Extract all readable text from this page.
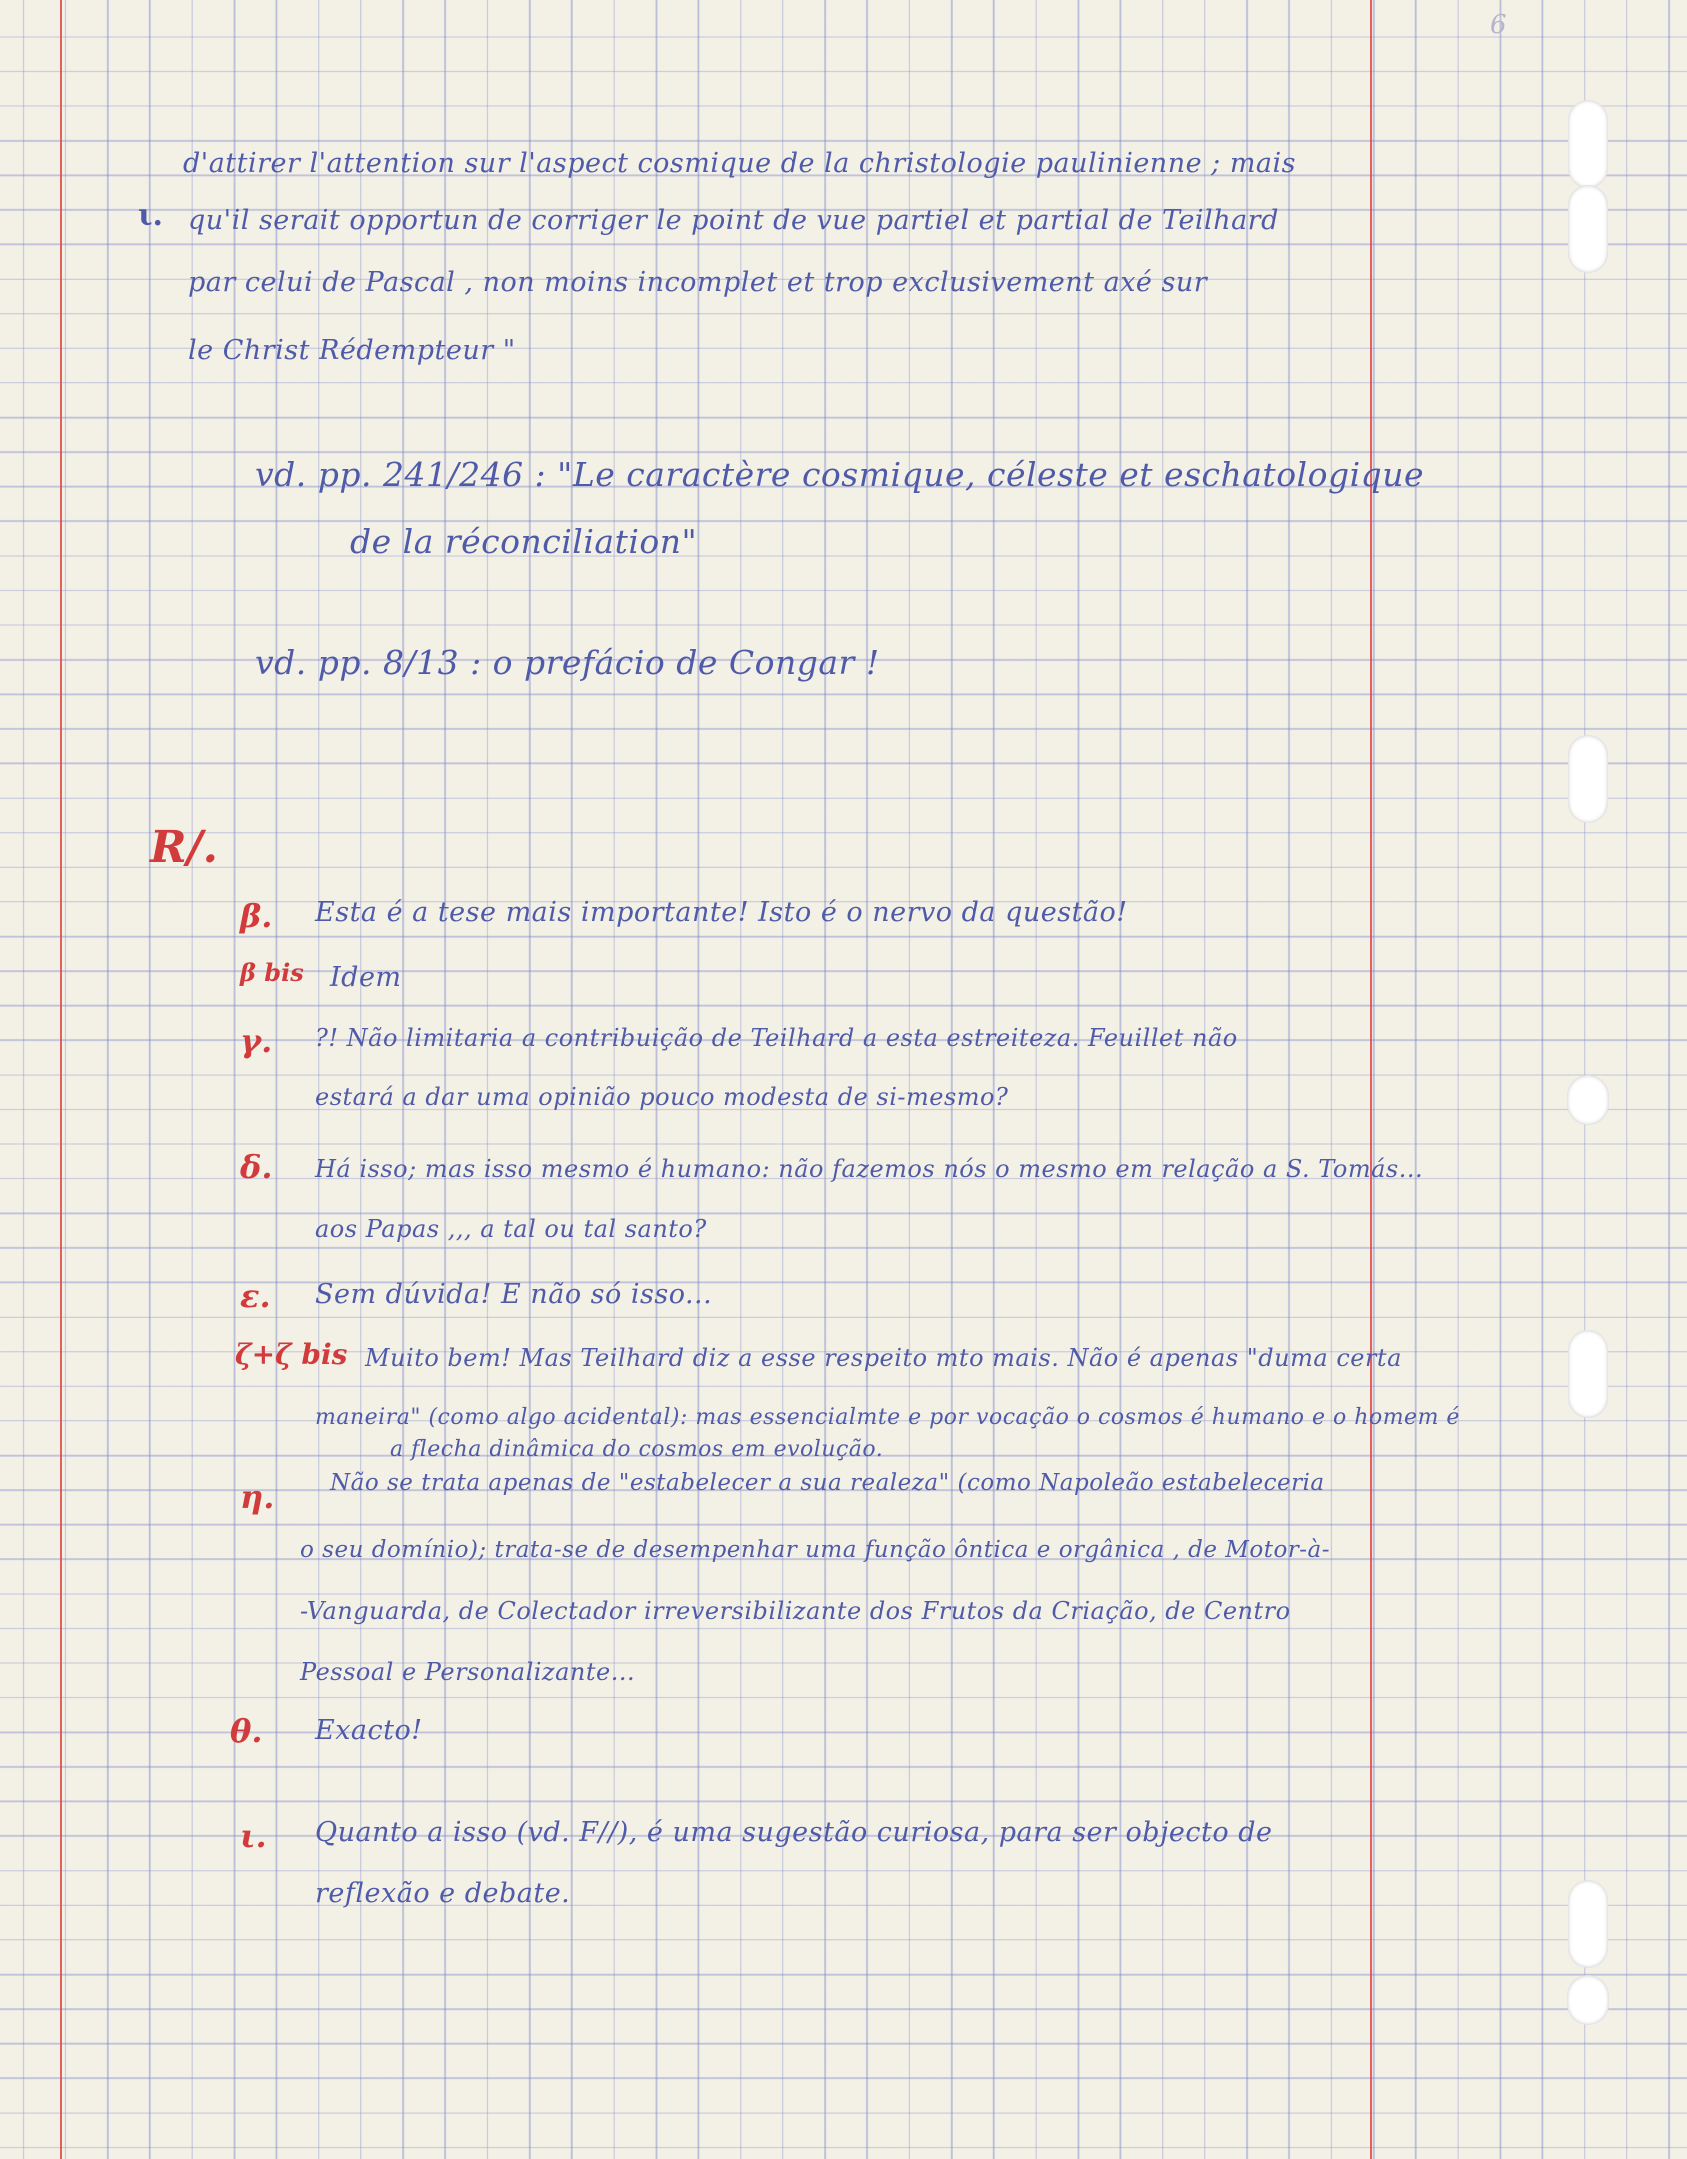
6
ι.
d'attirer l'attention sur l'aspect cosmique de la christologie paulinienne ; mais
qu'il serait opportun de corriger le point de vue partiel et partial de Teilhard
par celui de Pascal , non moins incomplet et trop exclusivement axé sur
le Christ Rédempteur "
vd. pp. 241/246 : "Le caractère cosmique, céleste et eschatologique
de la réconciliation"
vd. pp. 8/13 : o prefácio de Congar !
R/.
β. Esta é a tese mais importante! Isto é o nervo da questão!
β bis Idem
γ. ?! Não limitaria a contribuição de Teilhard a esta estreiteza. Feuillet não
estará a dar uma opinião pouco modesta de si-mesmo?
δ. Há isso; mas isso mesmo é humano: não fazemos nós o mesmo em relação a S. Tomás...
aos Papas ,,, a tal ou tal santo?
ε. Sem dúvida! E não só isso...
ζ+ζ bis Muito bem! Mas Teilhard diz a esse respeito mto mais. Não é apenas "duma certa
maneira" (como algo acidental): mas essencialmte e por vocação o cosmos é humano e o homem é
a flecha dinâmica do cosmos em evolução.
η. Não se trata apenas de "estabelecer a sua realeza" (como Napoleão estabeleceria
o seu domínio); trata-se de desempenhar uma função ôntica e orgânica , de Motor-à-
-Vanguarda, de Colectador irreversibilizante dos Frutos da Criação, de Centro
Pessoal e Personalizante...
θ. Exacto!
ι. Quanto a isso (vd. F//), é uma sugestão curiosa, para ser objecto de
reflexão e debate.
